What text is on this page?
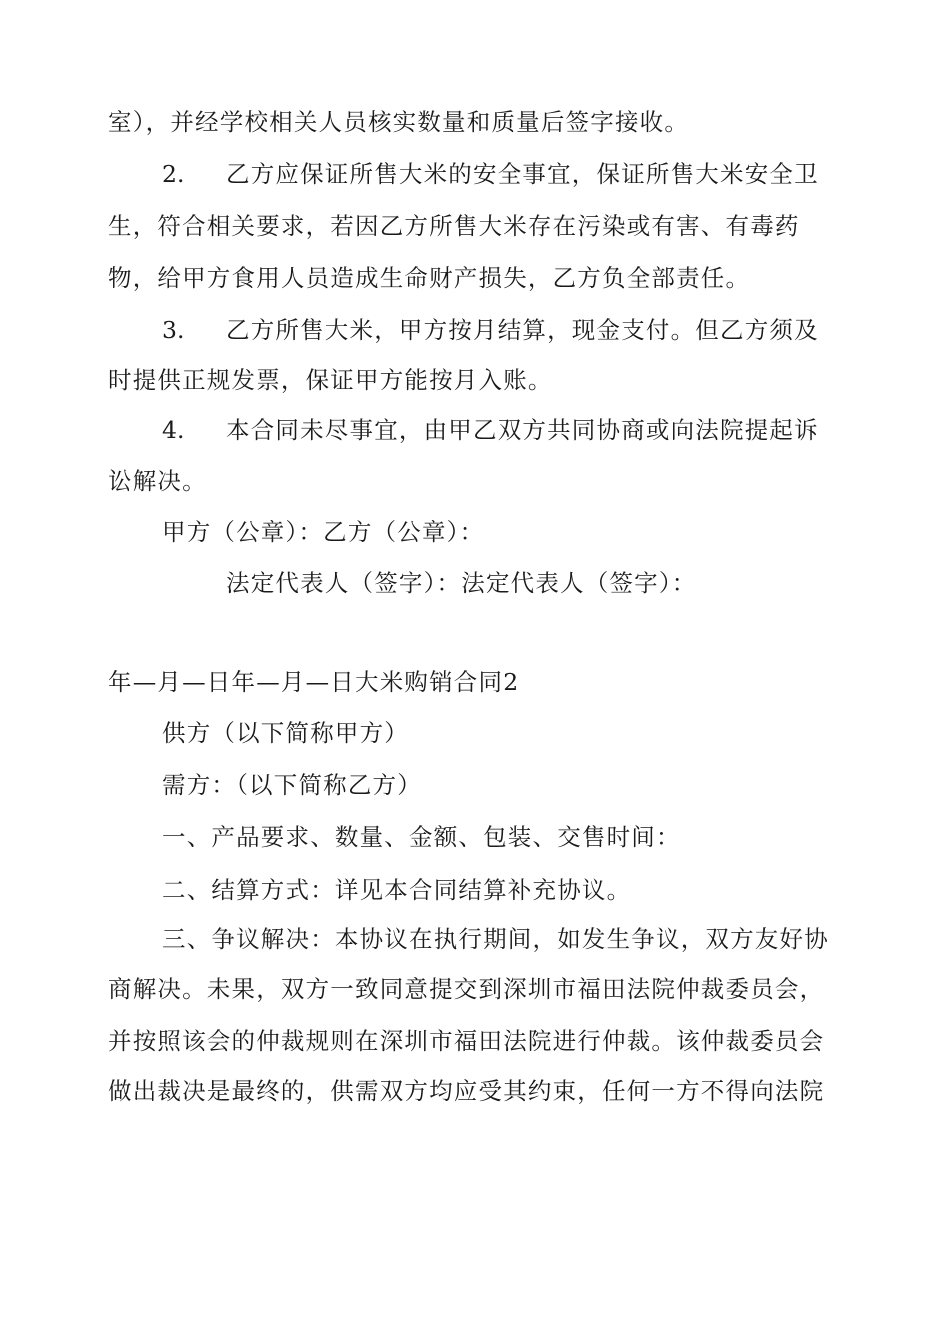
室），并经学校相关人员核实数量和质量后签字接收。
2. 乙方应保证所售大米的安全事宜，保证所售大米安全卫
生，符合相关要求，若因乙方所售大米存在污染或有害、有毒药
物，给甲方食用人员造成生命财产损失，乙方负全部责任。
3. 乙方所售大米，甲方按月结算，现金支付。但乙方须及
时提供正规发票，保证甲方能按月入账。
4. 本合同未尽事宜，由甲乙双方共同协商或向法院提起诉
讼解决。
甲方（公章）：乙方（公章）：
法定代表人（签字）：法定代表人（签字）：
年—月—日年—月—日大米购销合同2
供方（以下简称甲方）
需方：（以下简称乙方）
一、产品要求、数量、金额、包装、交售时间：
二、结算方式：详见本合同结算补充协议。
三、争议解决：本协议在执行期间，如发生争议，双方友好协
商解决。未果，双方一致同意提交到深圳市福田法院仲裁委员会，
并按照该会的仲裁规则在深圳市福田法院进行仲裁。该仲裁委员会
做出裁决是最终的，供需双方均应受其约束，任何一方不得向法院
